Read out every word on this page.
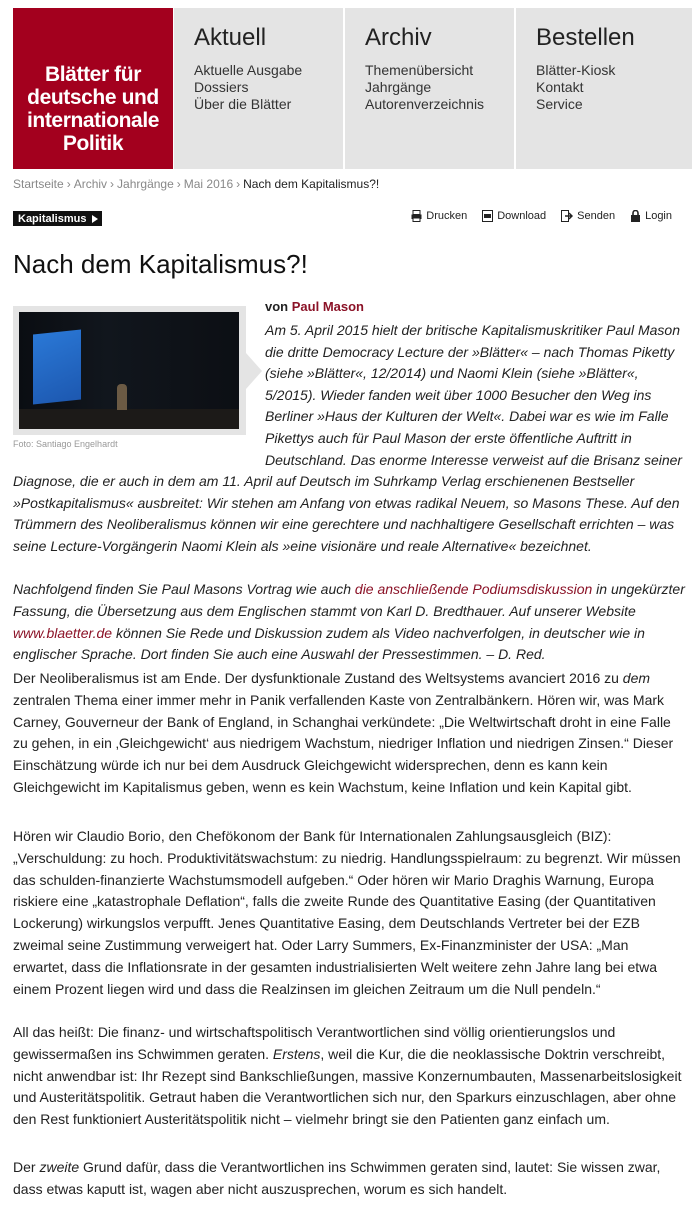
Blätter für
deutsche und
internationale
Politik
Aktuell
Aktuelle Ausgabe
Dossiers
Über die Blätter
Archiv
Themenübersicht
Jahrgänge
Autorenverzeichnis
Bestellen
Blätter-Kiosk
Kontakt
Service
Startseite › Archiv › Jahrgänge › Mai 2016 › Nach dem Kapitalismus?!
Kapitalismus	Drucken	Download	Senden	Login
Nach dem Kapitalismus?!
Foto: Santiago Engelhardt
von Paul Mason
Am 5. April 2015 hielt der britische Kapitalismuskritiker Paul Mason die dritte Democracy Lecture der »Blätter« – nach Thomas Piketty (siehe »Blätter«, 12/2014) und Naomi Klein (siehe »Blätter«, 5/2015). Wieder fanden weit über 1000 Besucher den Weg ins Berliner »Haus der Kulturen der Welt«. Dabei war es wie im Falle Pikettys auch für Paul Mason der erste öffentliche Auftritt in Deutschland. Das enorme Interesse verweist auf die Brisanz seiner Diagnose, die er auch in dem am 11. April auf Deutsch im Suhrkamp Verlag erschienenen Bestseller »Postkapitalismus« ausbreitet: Wir stehen am Anfang von etwas radikal Neuem, so Masons These. Auf den Trümmern des Neoliberalismus können wir eine gerechtere und nachhaltigere Gesellschaft errichten – was seine Lecture-Vorgängerin Naomi Klein als »eine visionäre und reale Alternative« bezeichnet.

Nachfolgend finden Sie Paul Masons Vortrag wie auch die anschließende Podiumsdiskussion in ungekürzter Fassung, die Übersetzung aus dem Englischen stammt von Karl D. Bredthauer. Auf unserer Website www.blaetter.de können Sie Rede und Diskussion zudem als Video nachverfolgen, in deutscher wie in englischer Sprache. Dort finden Sie auch eine Auswahl der Pressestimmen. – D. Red.

Der Neoliberalismus ist am Ende. Der dysfunktionale Zustand des Weltsystems avanciert 2016 zu dem zentralen Thema einer immer mehr in Panik verfallenden Kaste von Zentralbänkern. Hören wir, was Mark Carney, Gouverneur der Bank of England, in Schanghai verkündete: „Die Weltwirtschaft droht in eine Falle zu gehen, in ein ‚Gleichgewicht‘ aus niedrigem Wachstum, niedriger Inflation und niedrigen Zinsen.“ Dieser Einschätzung würde ich nur bei dem Ausdruck Gleichgewicht widersprechen, denn es kann kein Gleichgewicht im Kapitalismus geben, wenn es kein Wachstum, keine Inflation und kein Kapital gibt.

Hören wir Claudio Borio, den Chefökonom der Bank für Internationalen Zahlungsausgleich (BIZ): „Verschuldung: zu hoch. Produktivitätswachstum: zu niedrig. Handlungsspielraum: zu begrenzt. Wir müssen das schulden-finanzierte Wachstumsmodell aufgeben.“ Oder hören wir Mario Draghis Warnung, Europa riskiere eine „katastrophale Deflation“, falls die zweite Runde des Quantitative Easing (der Quantitativen Lockerung) wirkungslos verpufft. Jenes Quantitative Easing, dem Deutschlands Vertreter bei der EZB zweimal seine Zustimmung verweigert hat. Oder Larry Summers, Ex-Finanzminister der USA: „Man erwartet, dass die Inflationsrate in der gesamten industrialisierten Welt weitere zehn Jahre lang bei etwa einem Prozent liegen wird und dass die Realzinsen im gleichen Zeitraum um die Null pendeln.“

All das heißt: Die finanz- und wirtschaftspolitisch Verantwortlichen sind völlig orientierungslos und gewissermaßen ins Schwimmen geraten. Erstens, weil die Kur, die die neoklassische Doktrin verschreibt, nicht anwendbar ist: Ihr Rezept sind Bankschließungen, massive Konzernumbauten, Massenarbeitslosigkeit und Austeritätspolitik. Getraut haben die Verantwortlichen sich nur, den Sparkurs einzuschlagen, aber ohne den Rest funktioniert Austeritätspolitik nicht – vielmehr bringt sie den Patienten ganz einfach um.

Der zweite Grund dafür, dass die Verantwortlichen ins Schwimmen geraten sind, lautet: Sie wissen zwar, dass etwas kaputt ist, wagen aber nicht auszusprechen, worum es sich handelt.
